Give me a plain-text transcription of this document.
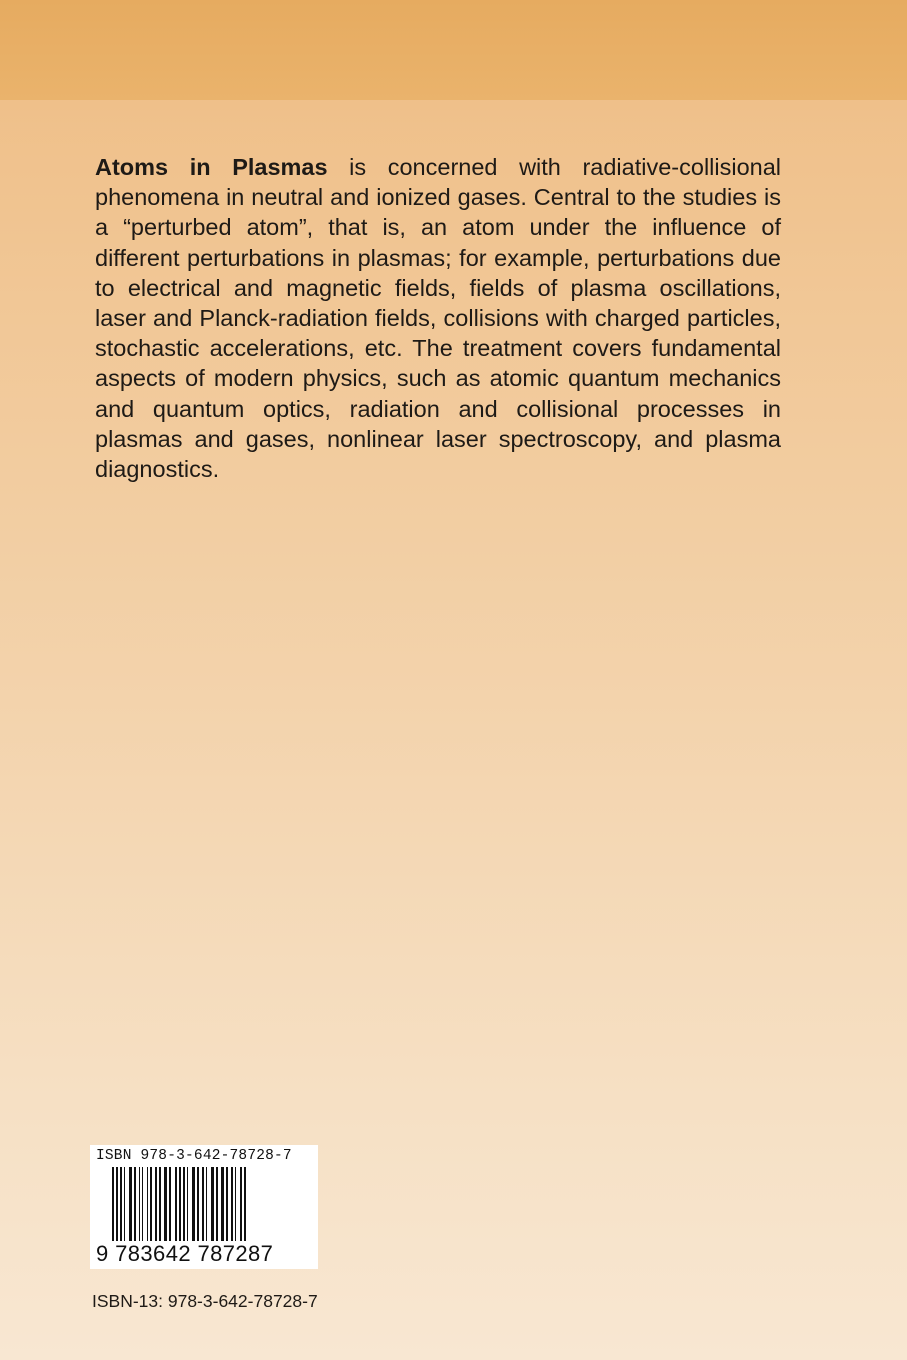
Atoms in Plasmas is concerned with radiative-collisional phenomena in neutral and ionized gases. Central to the studies is a “perturbed atom”, that is, an atom under the influence of different perturbations in plasmas; for example, perturbations due to electrical and magnetic fields, fields of plasma oscillations, laser and Planck-radiation fields, collisions with charged particles, stochastic accelerations, etc. The treatment covers fundamental aspects of modern physics, such as atomic quantum mechanics and quantum optics, radiation and collisional processes in plasmas and gases, nonlinear laser spectroscopy, and plasma diagnostics.

ISBN 978-3-642-78728-7
9 783642 787287
ISBN-13: 978-3-642-78728-7
